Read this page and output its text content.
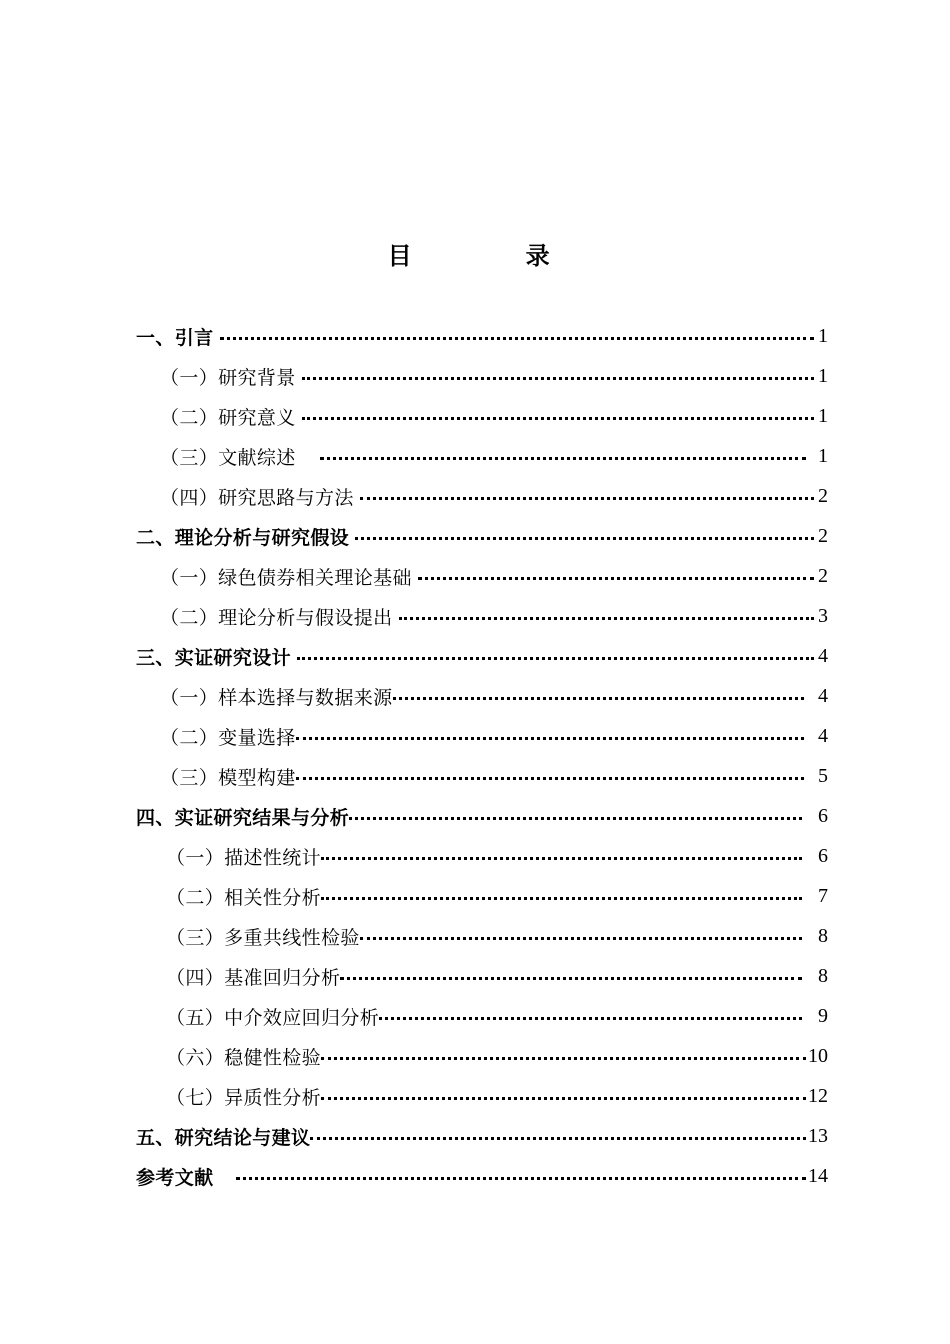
目 录
一、引言	1
（一）研究背景	1
（二）研究意义	1
（三）文献综述	1
（四）研究思路与方法	2
二、理论分析与研究假设	2
（一）绿色债券相关理论基础	2
（二）理论分析与假设提出	3
三、实证研究设计	4
（一）样本选择与数据来源	4
（二）变量选择	4
（三）模型构建	5
四、实证研究结果与分析	6
（一）描述性统计	6
（二）相关性分析	7
（三）多重共线性检验	8
（四）基准回归分析	8
（五）中介效应回归分析	9
（六）稳健性检验	10
（七）异质性分析	12
五、研究结论与建议	13
参考文献	14
